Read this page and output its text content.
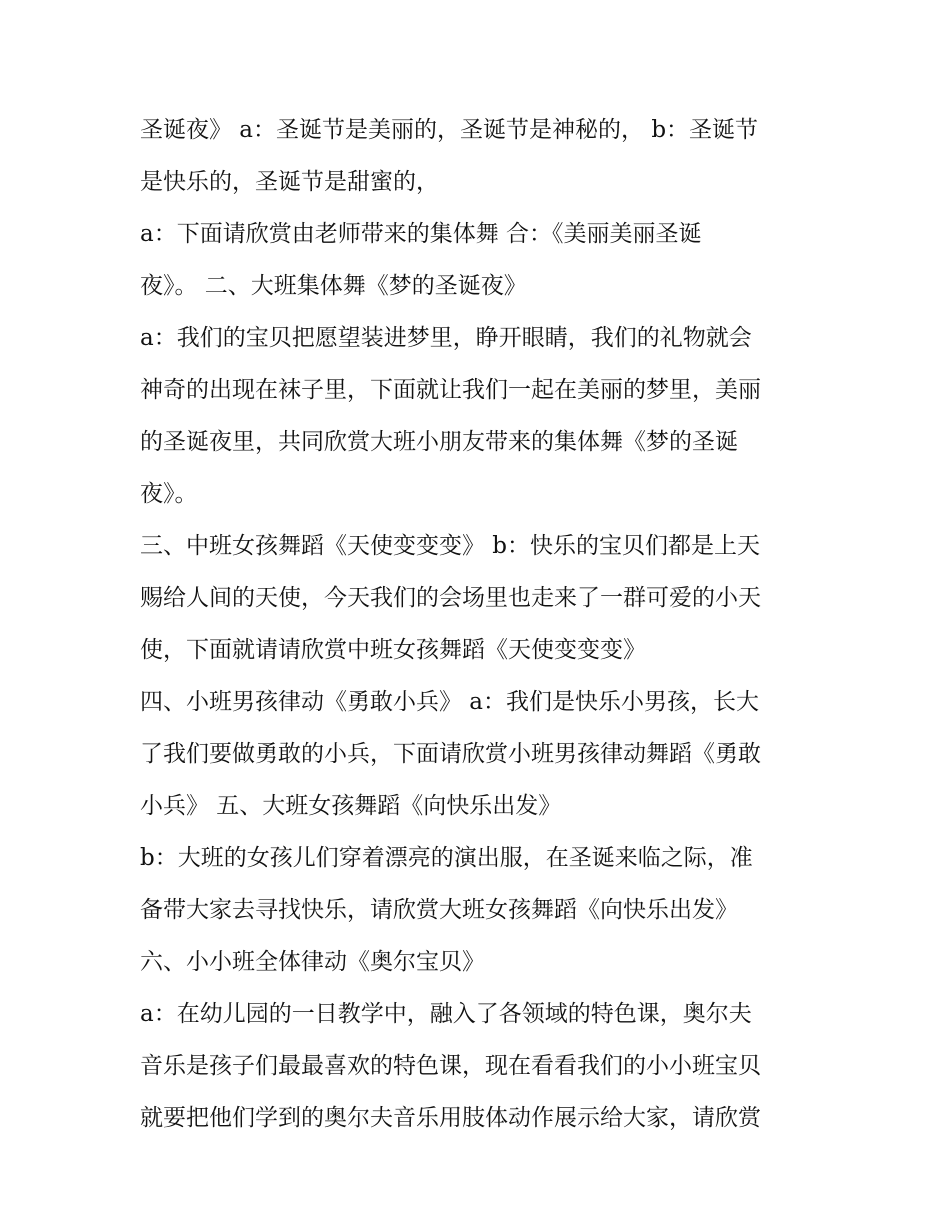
圣诞夜》 a：圣诞节是美丽的，圣诞节是神秘的， b：圣诞节
是快乐的，圣诞节是甜蜜的，
a：下面请欣赏由老师带来的集体舞 合：《美丽美丽圣诞
夜》。 二、大班集体舞《梦的圣诞夜》
a：我们的宝贝把愿望装进梦里，睁开眼睛，我们的礼物就会
神奇的出现在袜子里，下面就让我们一起在美丽的梦里，美丽
的圣诞夜里，共同欣赏大班小朋友带来的集体舞《梦的圣诞
夜》。
三、中班女孩舞蹈《天使变变变》 b：快乐的宝贝们都是上天
赐给人间的天使，今天我们的会场里也走来了一群可爱的小天
使，下面就请请欣赏中班女孩舞蹈《天使变变变》
四、小班男孩律动《勇敢小兵》 a：我们是快乐小男孩，长大
了我们要做勇敢的小兵，下面请欣赏小班男孩律动舞蹈《勇敢
小兵》 五、大班女孩舞蹈《向快乐出发》
b：大班的女孩儿们穿着漂亮的演出服，在圣诞来临之际，准
备带大家去寻找快乐，请欣赏大班女孩舞蹈《向快乐出发》
六、小小班全体律动《奥尔宝贝》
a：在幼儿园的一日教学中，融入了各领域的特色课，奥尔夫
音乐是孩子们最最喜欢的特色课，现在看看我们的小小班宝贝
就要把他们学到的奥尔夫音乐用肢体动作展示给大家，请欣赏
